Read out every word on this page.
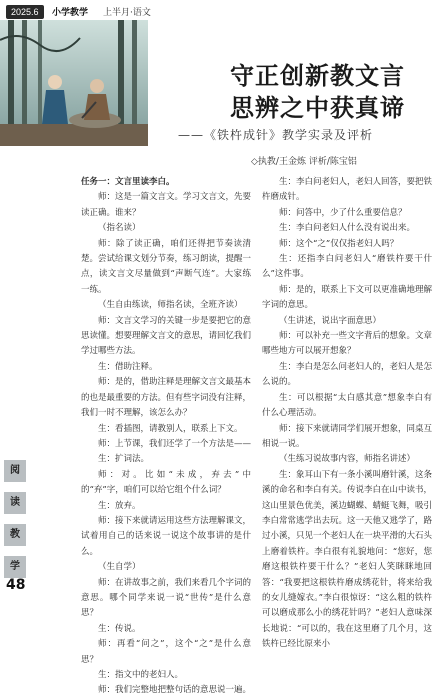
2025.6	小学教学 上半月·语文
守正创新教文言
思辨之中获真谛
——《铁杵成针》教学实录及评析
◇执教/王金炼 评析/陈宝铝

任务一：文言里读李白。

师：这是一篇文言文。学习文言文，先要读正确。谁来？

（指名读）

师：除了读正确，咱们还得把节奏读清楚。尝试给课文划分节奏，练习朗读，提醒一点，读文言文尽量做到“声断气连”。大家练一练。

（生自由练读，师指名读，全班齐读）

师：文言文学习的关键一步是要把它的意思读懂。想要理解文言文的意思，请回忆我们学过哪些方法。

生：借助注释。

师：是的，借助注释是理解文言文最基本的也是最重要的方法。但有些字词没有注释，我们一时不理解，该怎么办？

生：看插图，请教别人，联系上下文。

师：上节课，我们还学了一个方法是——

生：扩词法。

师：对。比如“未成，弃去”中的“弃”字，咱们可以给它组个什么词？

生：放弃。

师：接下来就请运用这些方法理解课文，试着用自己的话来说一说这个故事讲的是什么。

（生自学）

师：在讲故事之前，我们来看几个字词的意思。哪个同学来说一说“世传”是什么意思？

生：传说。

师：再看“问之”，这个“之”是什么意思？

生：指文中的老妇人。

师：我们完整地把整句话的意思说一遍。

生：李白问老妇人，老妇人回答，要把铁杵磨成针。

师：问答中，少了什么重要信息？

生：李白问老妇人什么没有说出来。

师：这个“之”仅仅指老妇人吗？

生：还指李白问老妇人“磨铁杵要干什么”这件事。

师：是的，联系上下文可以更准确地理解字词的意思。

（生讲述，说出字面意思）

师：可以补充一些文字背后的想象。文章哪些地方可以展开想象？

生：李白是怎么问老妇人的，老妇人是怎么说的。

生：可以根据“太白感其意”想象李白有什么心理活动。

师：接下来就请同学们展开想象，同桌互相说一说。

（生练习说故事内容，师指名讲述）

生：象耳山下有一条小溪叫磨针溪，这条溪的命名和李白有关。传说李白在山中读书，这山里景色优美，溪边蝴蝶、蜻蜓飞舞，吸引李白常常逃学出去玩。这一天他又逃学了，路过小溪，只见一个老妇人在一块平滑的大石头上磨着铁杵。李白很有礼貌地问：“您好，您磨这根铁杵要干什么？”老妇人笑眯眯地回答：“我要把这根铁杵磨成绣花针，将来给我的女儿缝嫁衣。”李白很惊讶：“这么粗的铁杵可以磨成那么小的绣花针吗？”老妇人意味深长地说：“可以的，我在这里磨了几个月，这铁杵已经比原来小

阅
读
教
学
48
